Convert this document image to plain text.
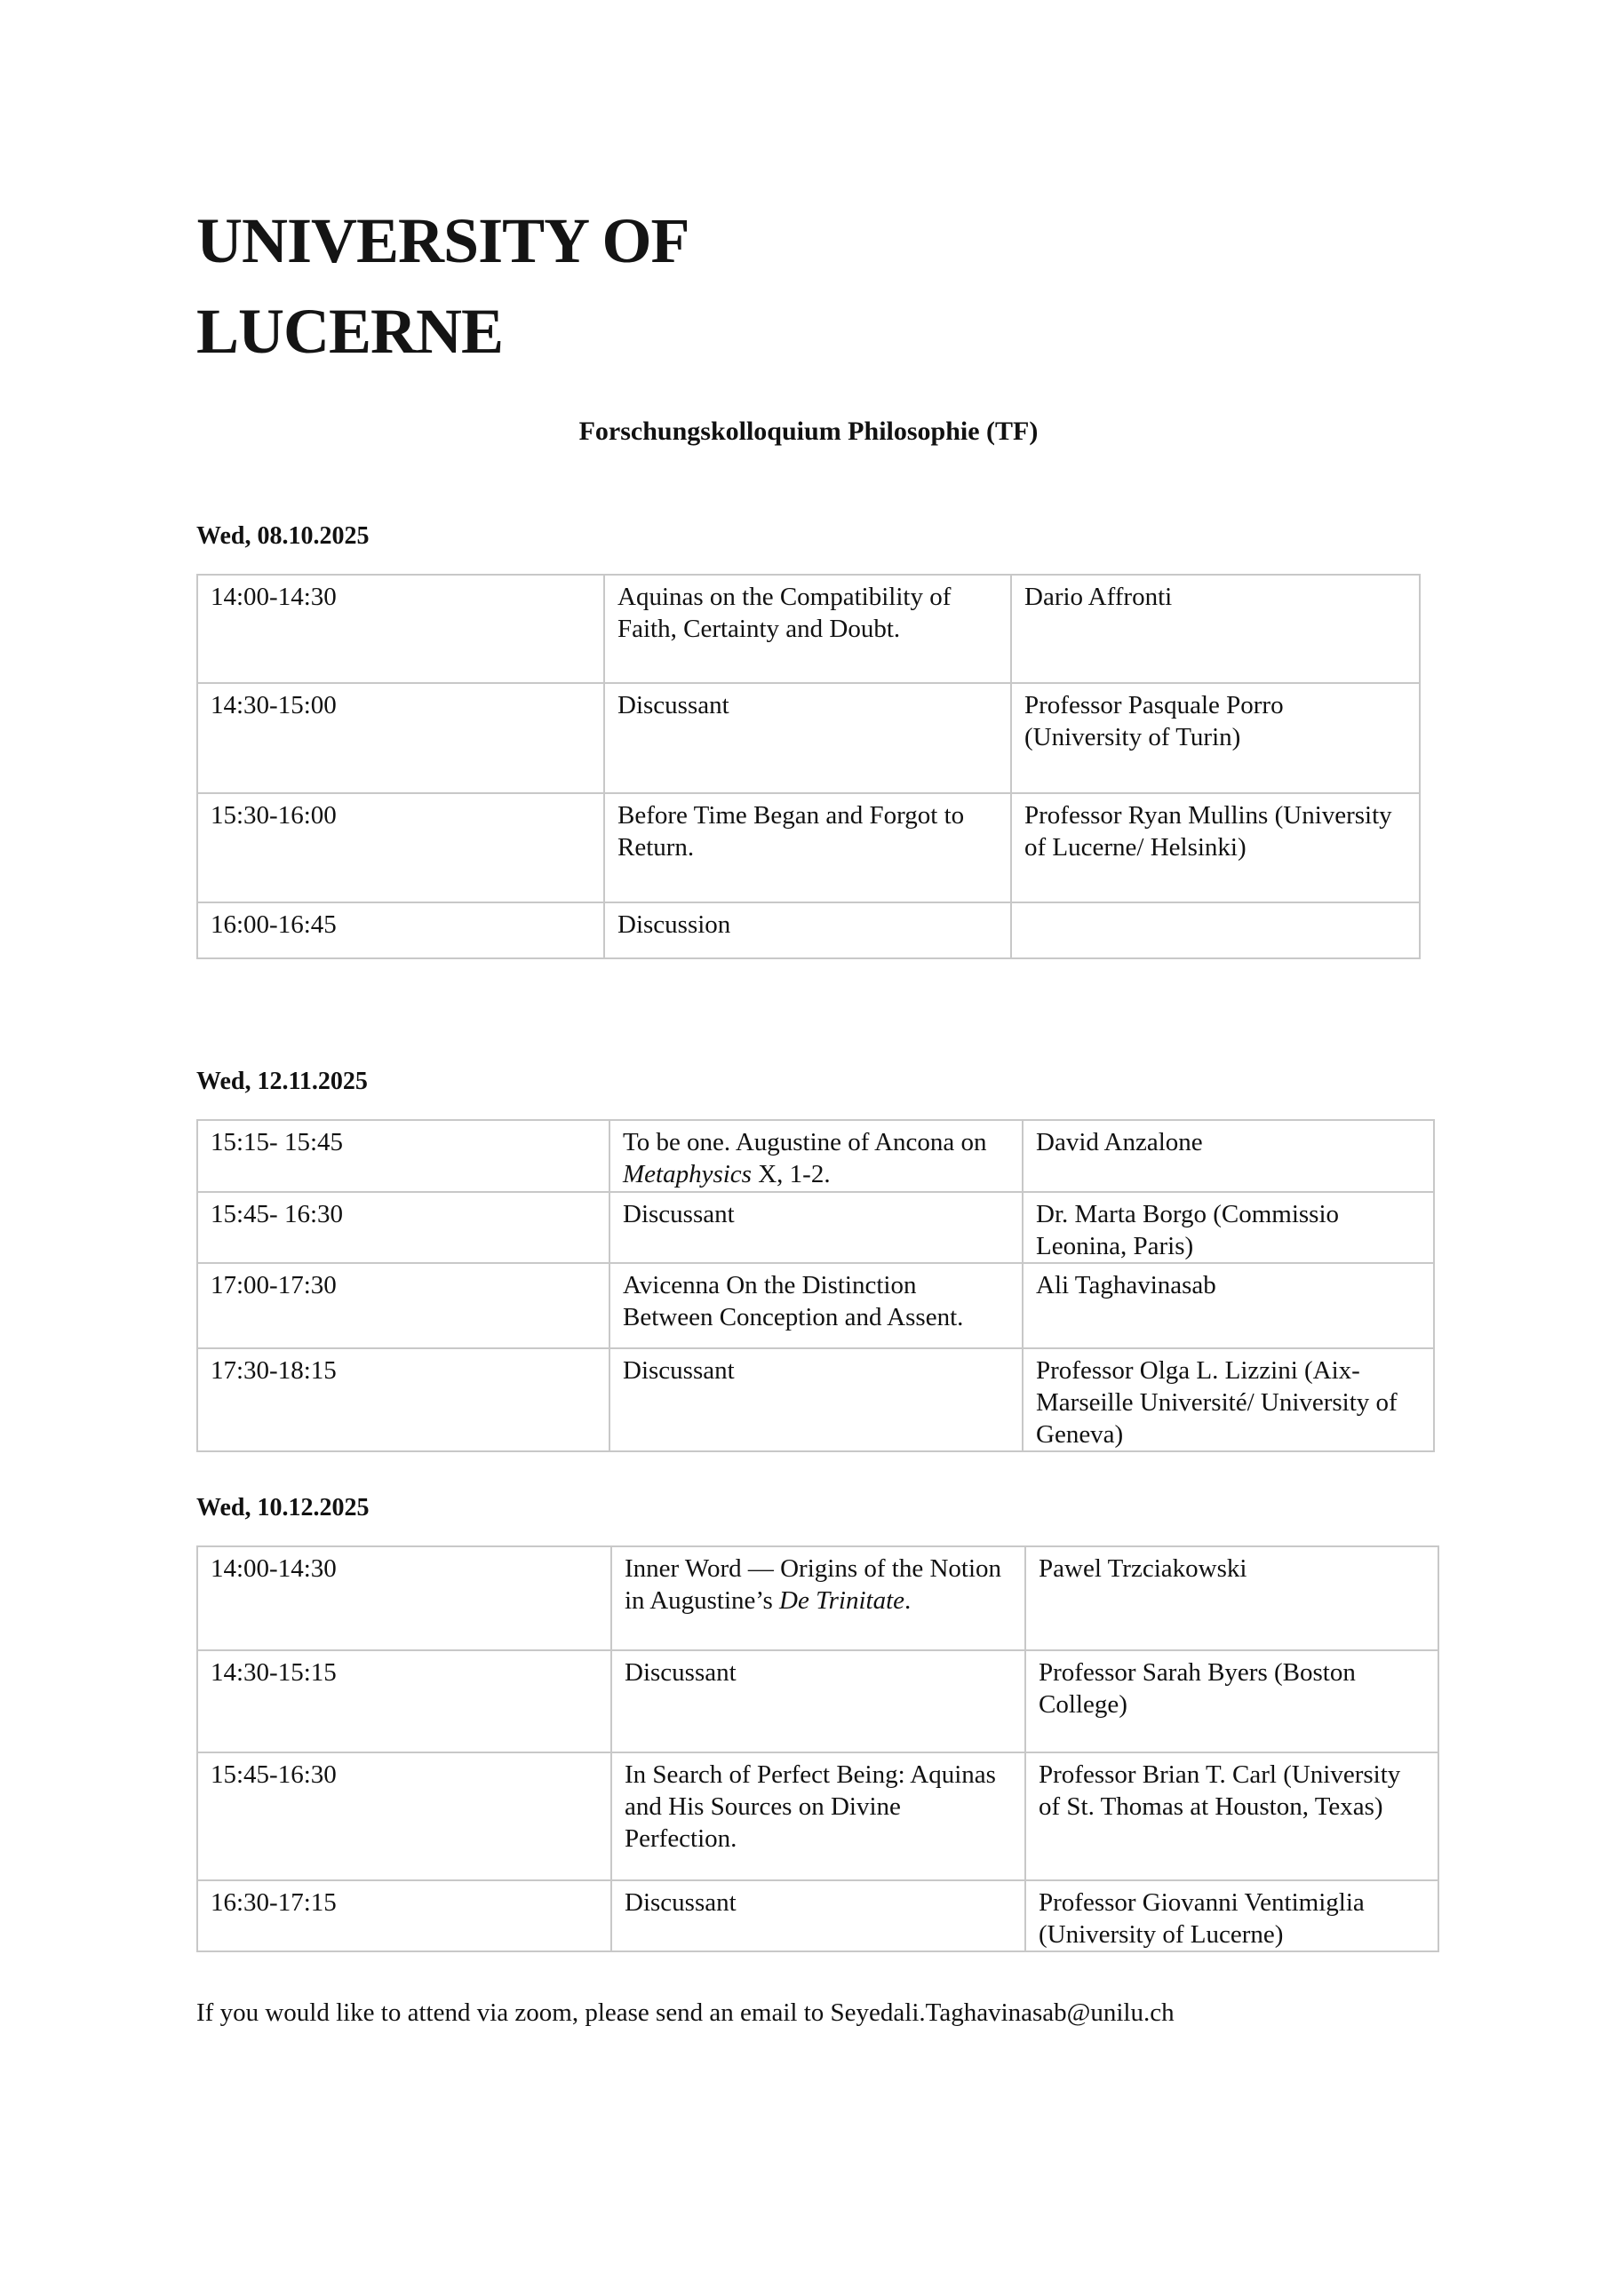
UNIVERSITY OF
LUCERNE
Forschungskolloquium Philosophie (TF)
Wed, 08.10.2025
14:00-14:30	Aquinas on the Compatibility of Faith, Certainty and Doubt.	Dario Affronti
14:30-15:00	Discussant	Professor Pasquale Porro (University of Turin)
15:30-16:00	Before Time Began and Forgot to Return.	Professor Ryan Mullins (University of Lucerne/ Helsinki)
16:00-16:45	Discussion	
Wed, 12.11.2025
15:15- 15:45	To be one. Augustine of Ancona on Metaphysics X, 1-2.	David Anzalone
15:45- 16:30	Discussant	Dr. Marta Borgo (Commissio Leonina, Paris)
17:00-17:30	Avicenna On the Distinction Between Conception and Assent.	Ali Taghavinasab
17:30-18:15	Discussant	Professor Olga L. Lizzini (Aix-Marseille Université/ University of Geneva)
Wed, 10.12.2025
14:00-14:30	Inner Word — Origins of the Notion in Augustine’s De Trinitate.	Pawel Trzciakowski
14:30-15:15	Discussant	Professor Sarah Byers (Boston College)
15:45-16:30	In Search of Perfect Being: Aquinas and His Sources on Divine Perfection.	Professor Brian T. Carl (University of St. Thomas at Houston, Texas)
16:30-17:15	Discussant	Professor Giovanni Ventimiglia (University of Lucerne)
If you would like to attend via zoom, please send an email to Seyedali.Taghavinasab@unilu.ch
